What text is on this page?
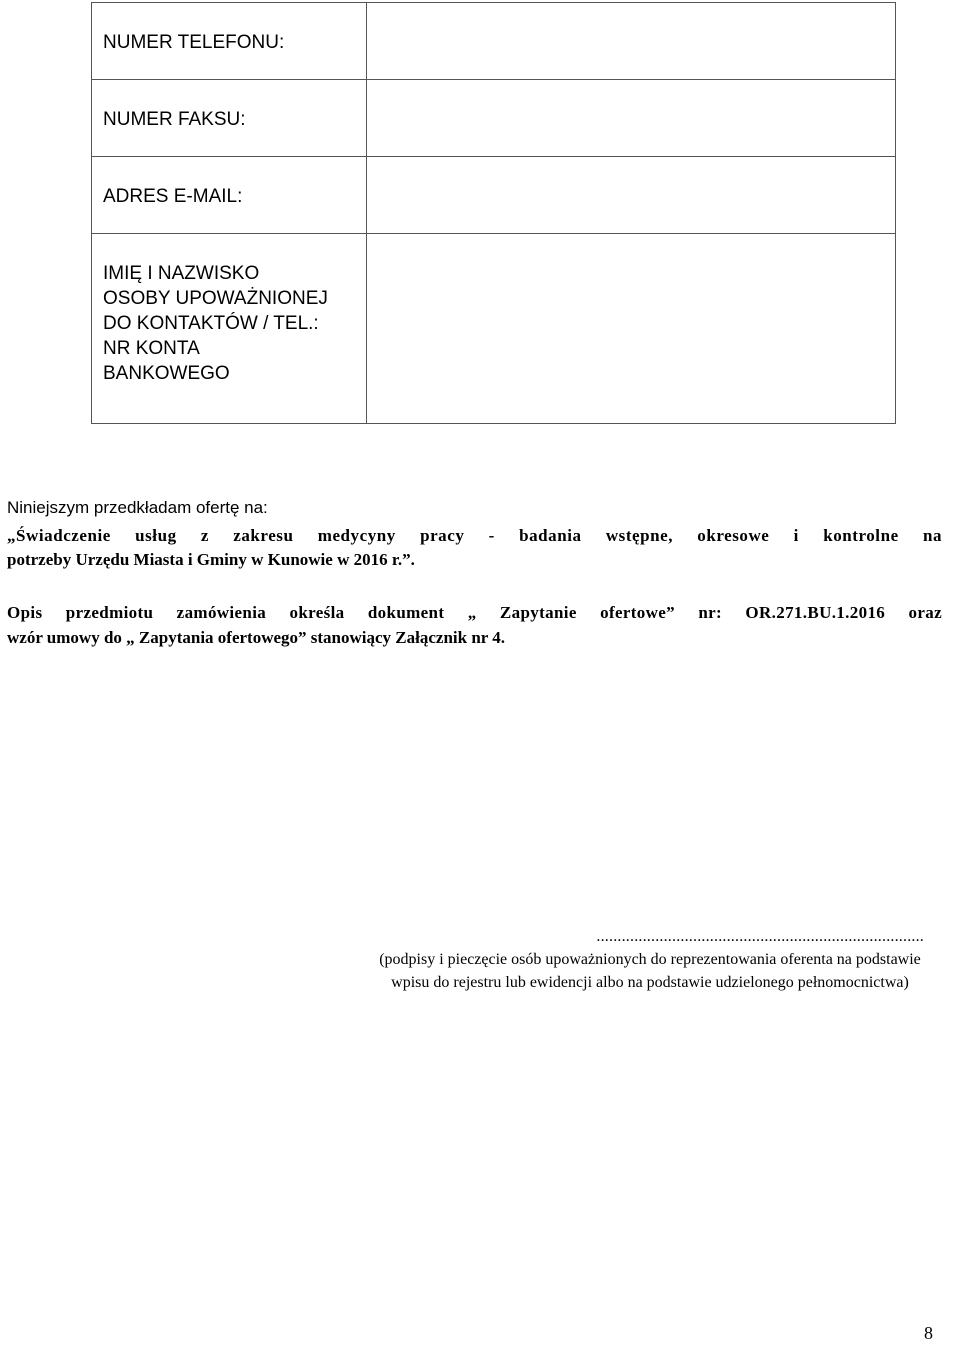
NUMER TELEFONU:	

NUMER FAKSU:	

ADRES E-MAIL:	

IMIĘ I NAZWISKO
OSOBY UPOWAŻNIONEJ
DO KONTAKTÓW / TEL.:
NR KONTA
BANKOWEGO	

Niniejszym przedkładam ofertę na:
„Świadczenie usług z zakresu medycyny pracy - badania wstępne, okresowe i kontrolne na
potrzeby Urzędu Miasta i Gminy w Kunowie w 2016 r.”.
Opis przedmiotu zamówienia określa dokument „ Zapytanie ofertowe” nr: OR.271.BU.1.2016 oraz
wzór umowy do „ Zapytania ofertowego” stanowiący Załącznik nr 4.
..............................................................................
(podpisy i pieczęcie osób upoważnionych do reprezentowania oferenta na podstawie
wpisu do rejestru lub ewidencji albo na podstawie udzielonego pełnomocnictwa)
8
